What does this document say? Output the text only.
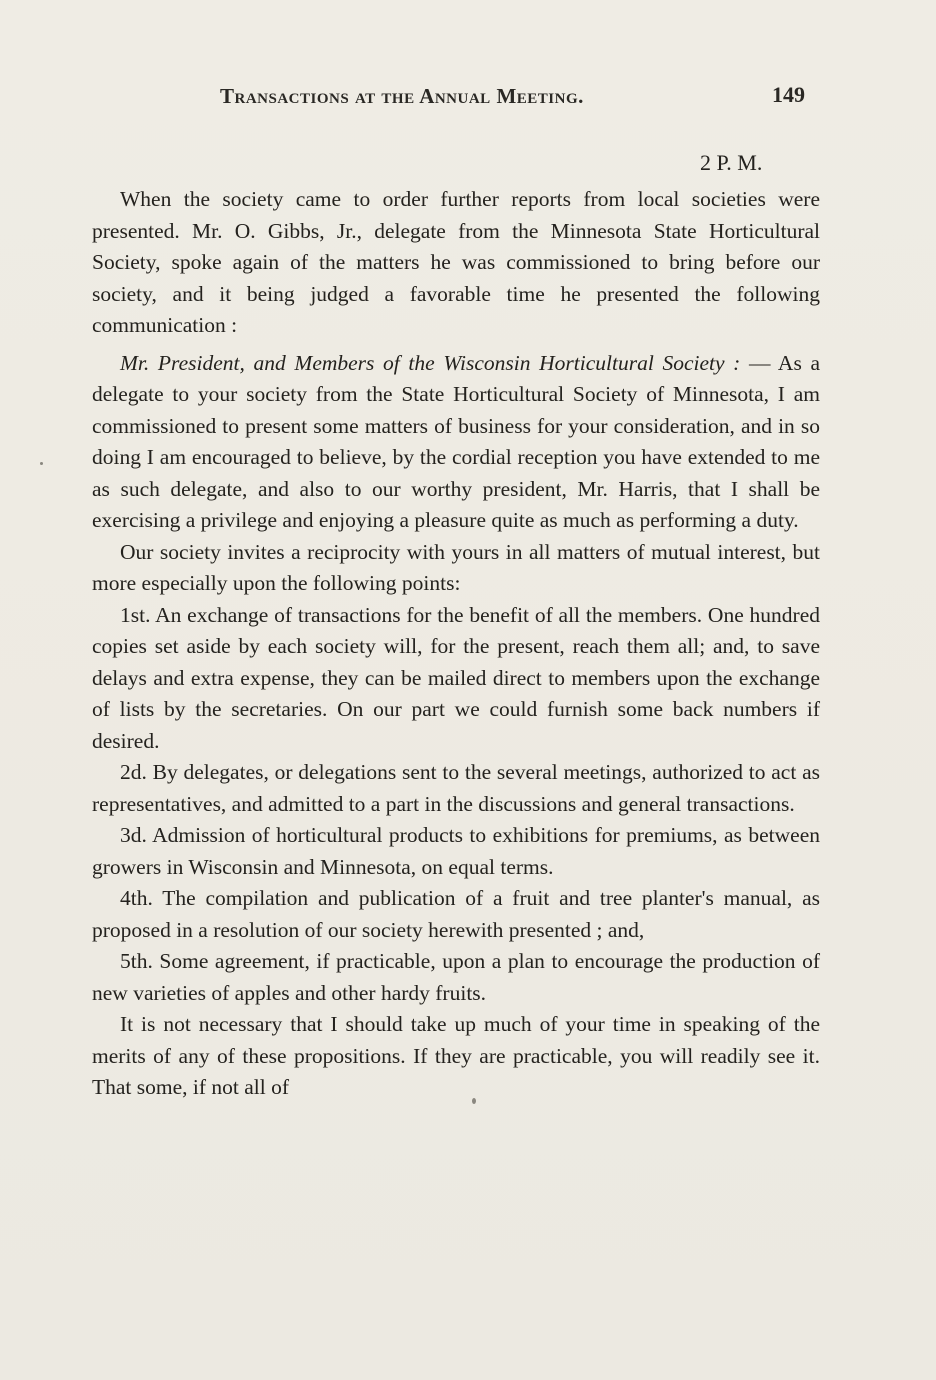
Transactions at the Annual Meeting.	149
2 P. M.

When the society came to order further reports from local societies were presented. Mr. O. Gibbs, Jr., delegate from the Minnesota State Horticultural Society, spoke again of the matters he was commissioned to bring before our society, and it being judged a favorable time he presented the following communication :

Mr. President, and Members of the Wisconsin Horticultural Society : — As a delegate to your society from the State Horticultural Society of Minnesota, I am commissioned to present some matters of business for your consideration, and in so doing I am encouraged to believe, by the cordial reception you have extended to me as such delegate, and also to our worthy president, Mr. Harris, that I shall be exercising a privilege and enjoying a pleasure quite as much as performing a duty.

Our society invites a reciprocity with yours in all matters of mutual interest, but more especially upon the following points:

1st. An exchange of transactions for the benefit of all the members. One hundred copies set aside by each society will, for the present, reach them all; and, to save delays and extra expense, they can be mailed direct to members upon the exchange of lists by the secretaries. On our part we could furnish some back numbers if desired.

2d. By delegates, or delegations sent to the several meetings, authorized to act as representatives, and admitted to a part in the discussions and general transactions.

3d. Admission of horticultural products to exhibitions for premiums, as between growers in Wisconsin and Minnesota, on equal terms.

4th. The compilation and publication of a fruit and tree planter's manual, as proposed in a resolution of our society herewith presented ; and,

5th. Some agreement, if practicable, upon a plan to encourage the production of new varieties of apples and other hardy fruits.

It is not necessary that I should take up much of your time in speaking of the merits of any of these propositions. If they are practicable, you will readily see it. That some, if not all of
